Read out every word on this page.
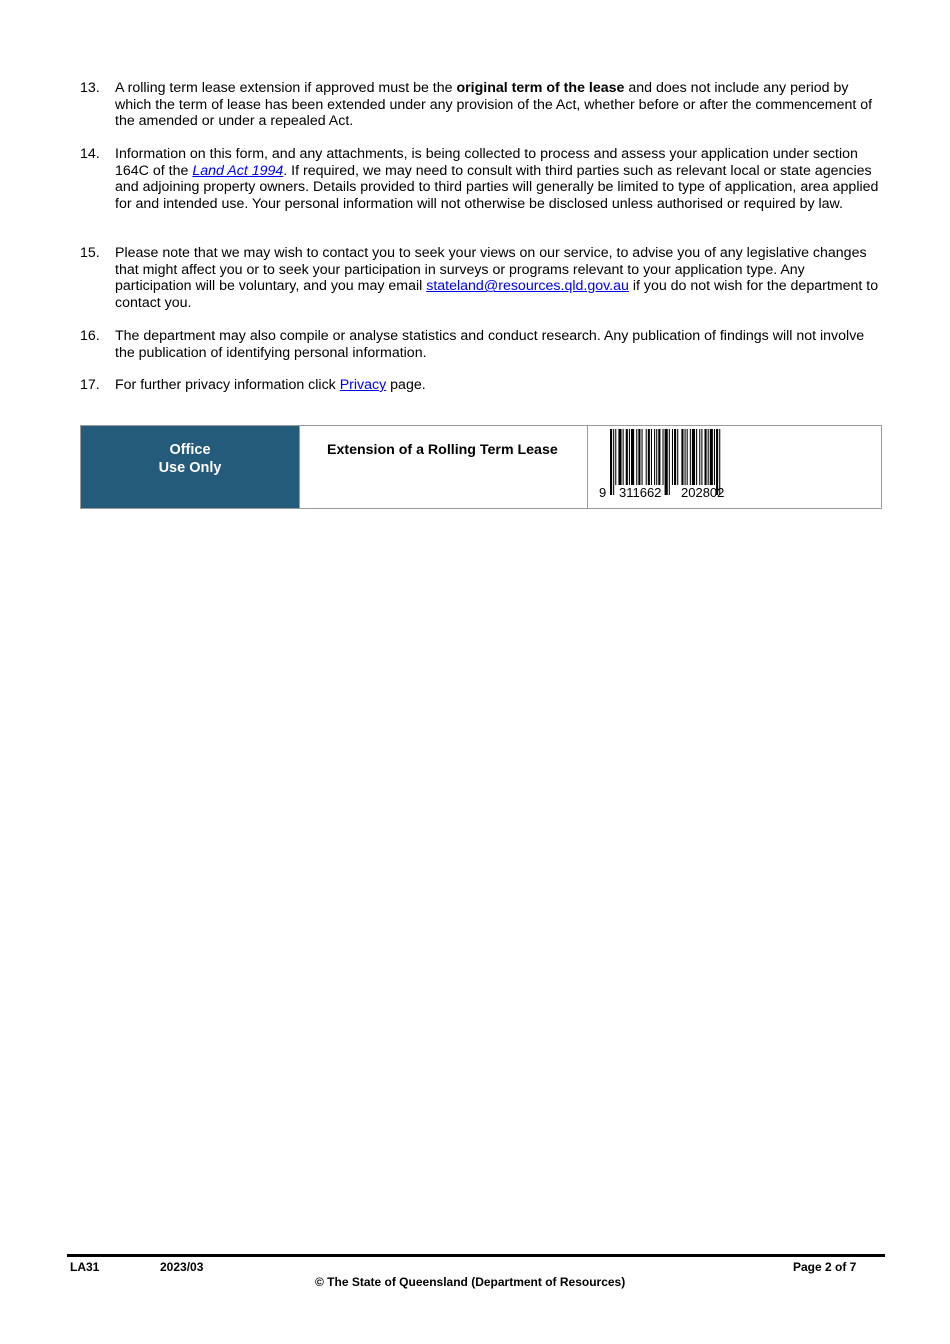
13.	A rolling term lease extension if approved must be the original term of the lease and does not include any period by which the term of lease has been extended under any provision of the Act, whether before or after the commencement of the amended or under a repealed Act.
14.	Information on this form, and any attachments, is being collected to process and assess your application under section 164C of the Land Act 1994. If required, we may need to consult with third parties such as relevant local or state agencies and adjoining property owners. Details provided to third parties will generally be limited to type of application, area applied for and intended use. Your personal information will not otherwise be disclosed unless authorised or required by law.
15.	Please note that we may wish to contact you to seek your views on our service, to advise you of any legislative changes that might affect you or to seek your participation in surveys or programs relevant to your application type. Any participation will be voluntary, and you may email stateland@resources.qld.gov.au if you do not wish for the department to contact you.
16.	The department may also compile or analyse statistics and conduct research. Any publication of findings will not involve the publication of identifying personal information.
17.	For further privacy information click Privacy page.
Office
Use Only
Extension of a Rolling Term Lease
9 311662 202802
LA31	2023/03	Page 2 of 7
© The State of Queensland (Department of Resources)
